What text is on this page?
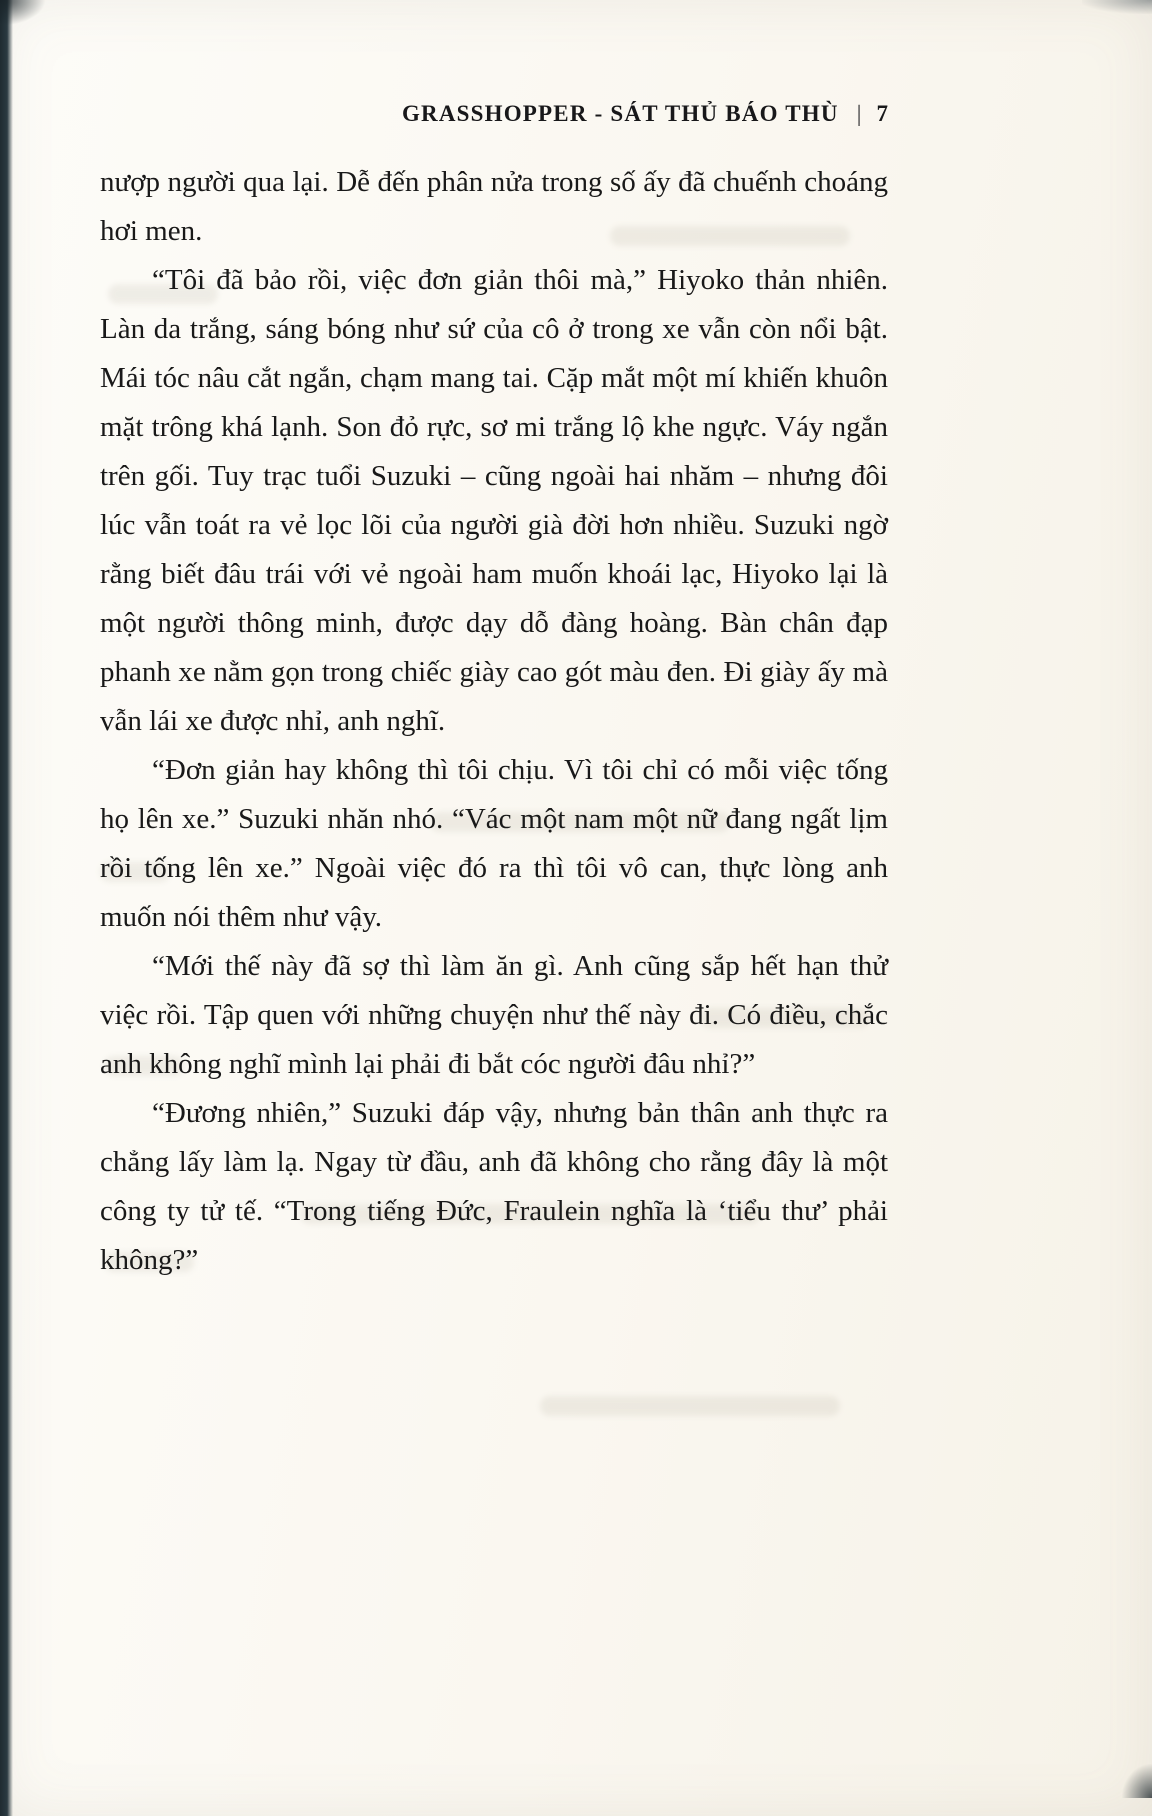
GRASSHOPPER - SÁT THỦ BÁO THÙ | 7

nượp người qua lại. Dễ đến phân nửa trong số ấy đã chuếnh choáng hơi men.

“Tôi đã bảo rồi, việc đơn giản thôi mà,” Hiyoko thản nhiên. Làn da trắng, sáng bóng như sứ của cô ở trong xe vẫn còn nổi bật. Mái tóc nâu cắt ngắn, chạm mang tai. Cặp mắt một mí khiến khuôn mặt trông khá lạnh. Son đỏ rực, sơ mi trắng lộ khe ngực. Váy ngắn trên gối. Tuy trạc tuổi Suzuki – cũng ngoài hai nhăm – nhưng đôi lúc vẫn toát ra vẻ lọc lõi của người già đời hơn nhiều. Suzuki ngờ rằng biết đâu trái với vẻ ngoài ham muốn khoái lạc, Hiyoko lại là một người thông minh, được dạy dỗ đàng hoàng. Bàn chân đạp phanh xe nằm gọn trong chiếc giày cao gót màu đen. Đi giày ấy mà vẫn lái xe được nhỉ, anh nghĩ.

“Đơn giản hay không thì tôi chịu. Vì tôi chỉ có mỗi việc tống họ lên xe.” Suzuki nhăn nhó. “Vác một nam một nữ đang ngất lịm rồi tống lên xe.” Ngoài việc đó ra thì tôi vô can, thực lòng anh muốn nói thêm như vậy.

“Mới thế này đã sợ thì làm ăn gì. Anh cũng sắp hết hạn thử việc rồi. Tập quen với những chuyện như thế này đi. Có điều, chắc anh không nghĩ mình lại phải đi bắt cóc người đâu nhỉ?”

“Đương nhiên,” Suzuki đáp vậy, nhưng bản thân anh thực ra chẳng lấy làm lạ. Ngay từ đầu, anh đã không cho rằng đây là một công ty tử tế. “Trong tiếng Đức, Fraulein nghĩa là ‘tiểu thư’ phải không?”
